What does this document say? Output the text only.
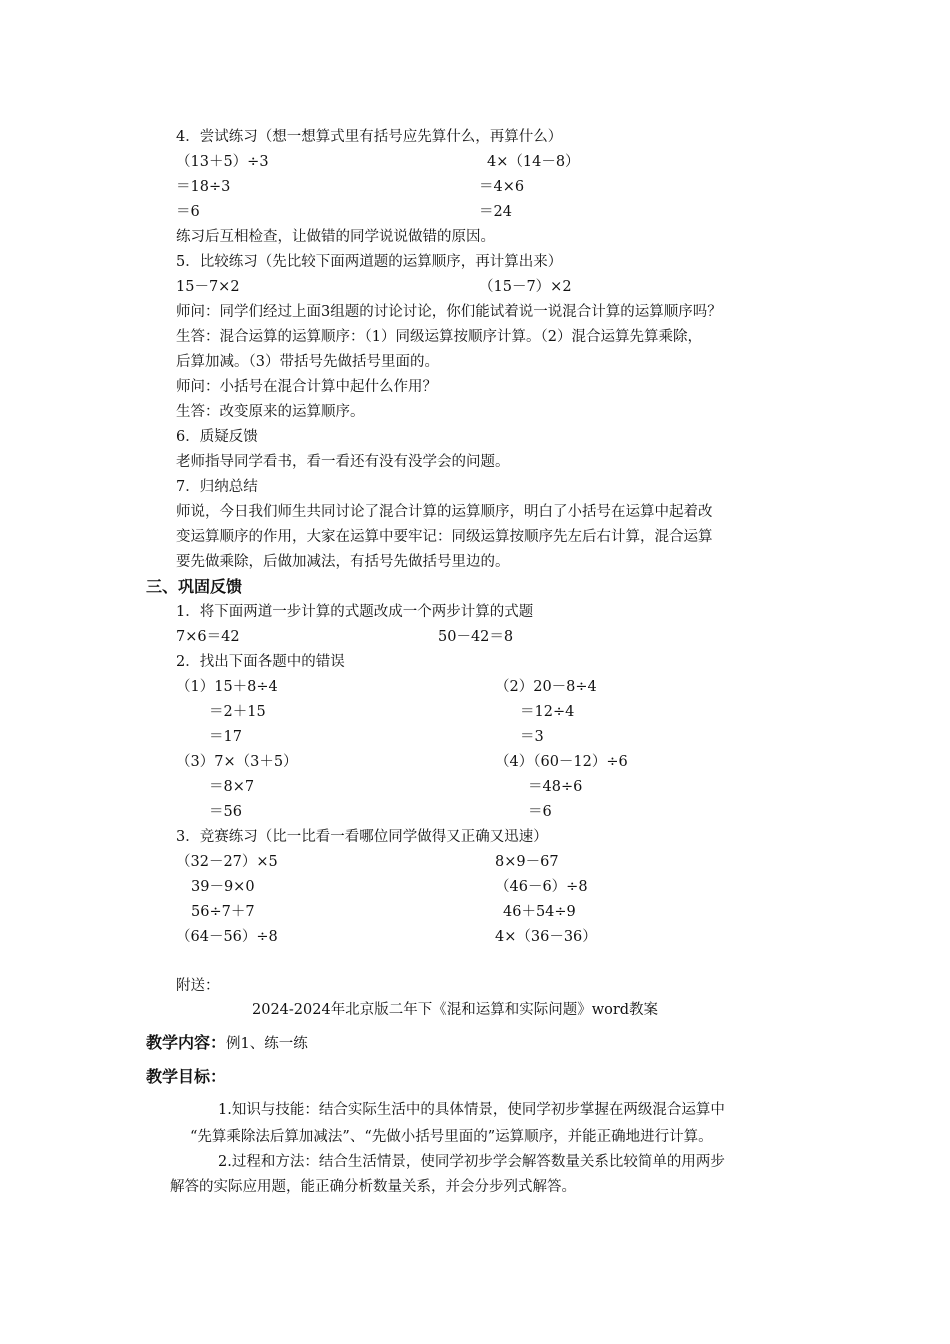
4．尝试练习（想一想算式里有括号应先算什么，再算什么）
（13＋5）÷3	4×（14－8）
＝18÷3	＝4×6
＝6	＝24
练习后互相检查，让做错的同学说说做错的原因。
5．比较练习（先比较下面两道题的运算顺序，再计算出来）
15－7×2	（15－7）×2
师问：同学们经过上面3组题的讨论讨论，你们能试着说一说混合计算的运算顺序吗？
生答：混合运算的运算顺序：（1）同级运算按顺序计算。（2）混合运算先算乘除，
后算加减。（3）带括号先做括号里面的。
师问：小括号在混合计算中起什么作用？
生答：改变原来的运算顺序。
6．质疑反馈
老师指导同学看书，看一看还有没有没学会的问题。
7．归纳总结
师说，今日我们师生共同讨论了混合计算的运算顺序，明白了小括号在运算中起着改
变运算顺序的作用，大家在运算中要牢记：同级运算按顺序先左后右计算，混合运算
要先做乘除，后做加减法，有括号先做括号里边的。
三、巩固反馈
1．将下面两道一步计算的式题改成一个两步计算的式题
7×6＝42	50－42＝8
2．找出下面各题中的错误
（1）15＋8÷4	（2）20－8÷4
＝2＋15	＝12÷4
＝17	＝3
（3）7×（3＋5）	（4）（60－12）÷6
＝8×7	＝48÷6
＝56	＝6
3．竞赛练习（比一比看一看哪位同学做得又正确又迅速）
（32－27）×5	8×9－67
39－9×0	（46－6）÷8
56÷7＋7	46＋54÷9
（64－56）÷8	4×（36－36）
附送：
2024-2024年北京版二年下《混和运算和实际问题》word教案
教学内容：例1、练一练
教学目标：
1.知识与技能：结合实际生活中的具体情景，使同学初步掌握在两级混合运算中
“先算乘除法后算加减法”、“先做小括号里面的”运算顺序，并能正确地进行计算。
2.过程和方法：结合生活情景，使同学初步学会解答数量关系比较简单的用两步
解答的实际应用题，能正确分析数量关系，并会分步列式解答。
